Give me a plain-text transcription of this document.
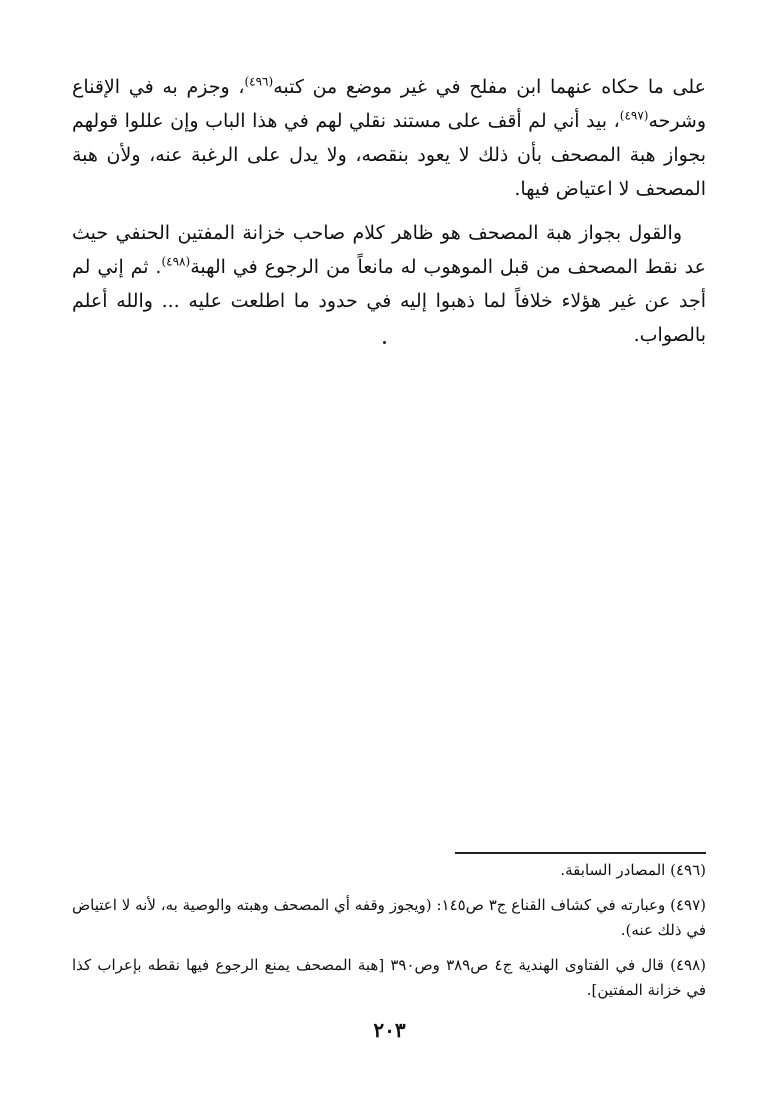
على ما حكاه عنهما ابن مفلح في غير موضع من كتبه$^{(٤٩٦)}$، وجزم به في الإقناع وشرحه$^{(٤٩٧)}$، بيد أني لم أقف على مستند نقلي لهم في هذا الباب وإن عللوا قولهم بجواز هبة المصحف بأن ذلك لا يعود بنقصه، ولا يدل على الرغبة عنه، ولأن هبة المصحف لا اعتياض فيها.

والقول بجواز هبة المصحف هو ظاهر كلام صاحب خزانة المفتين الحنفي حيث عد نقط المصحف من قبل الموهوب له مانعاً من الرجوع في الهبة$^{(٤٩٨)}$. ثم إني لم أجد عن غير هؤلاء خلافاً لما ذهبوا إليه في حدود ما اطلعت عليه ... والله أعلم بالصواب.

(٤٩٦) المصادر السابقة.
(٤٩٧) وعبارته في كشاف القناع ج٣ ص١٤٥: (ويجوز وقفه أي المصحف وهبته والوصية به، لأنه لا اعتياض في ذلك عنه).
(٤٩٨) قال في الفتاوى الهندية ج٤ ص٣٨٩ وص٣٩٠ [هبة المصحف يمنع الرجوع فيها نقطه بإعراب كذا في خزانة المفتين].
٢٠٣
